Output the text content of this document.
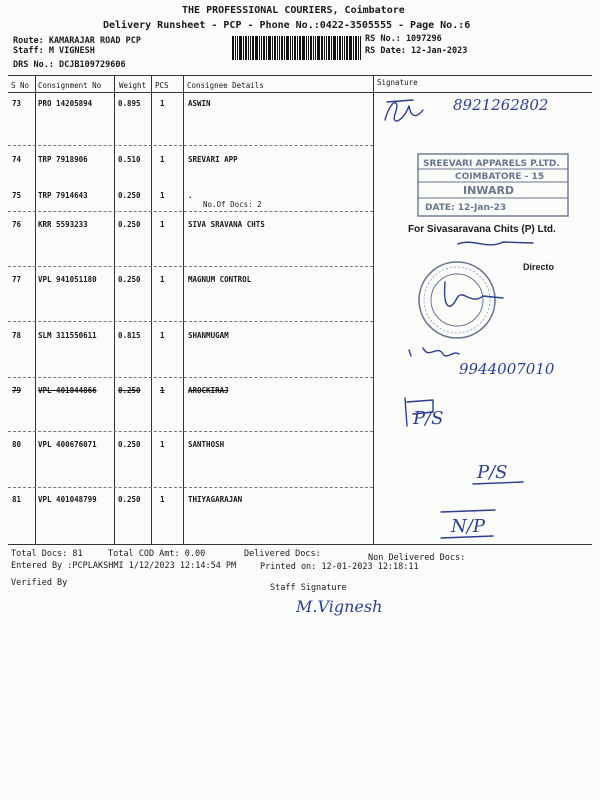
THE PROFESSIONAL COURIERS, Coimbatore
Delivery Runsheet - PCP - Phone No.:0422-3505555 - Page No.:6
Route: KAMARAJAR ROAD PCP
Staff: M VIGNESH
DRS No.: DCJB109729606
RS No.: 1097296
RS Date: 12-Jan-2023
S No Consignment No Weight PCS Consignee Details	Signature
73 PRO 14205894	0.895	1	ASWIN
74 TRP 7918906	0.510	1	SREVARI APP
75 TRP 7914643	0.250	1	.
No.Of Docs: 2
76 KRR 5593233	0.250	1	SIVA SRAVANA CHTS
77 VPL 941051180	0.250	1	MAGNUM CONTROL
78 SLM 311550611	0.815	1	SHANMUGAM
79 VPL 401044866	0.250	1	AROCKIRAJ
80 VPL 400676071	0.250	1	SANTHOSH
81 VPL 401048799	0.250	1	THIYAGARAJAN
8921262802
SREEVARI APPARELS P.LTD.
COIMBATORE - 15
INWARD
DATE: 12-Jan-23
For Sivasaravana Chits (P) Ltd.
Directo
9944007010
P/S
P/S
N/P
Total Docs: 81	Total COD Amt: 0.00	Delivered Docs:	Non Delivered Docs:
Entered By :PCPLAKSHMI 1/12/2023 12:14:54 PM	Printed on: 12-01-2023 12:18:11
Verified By	Staff Signature
M.Vignesh
